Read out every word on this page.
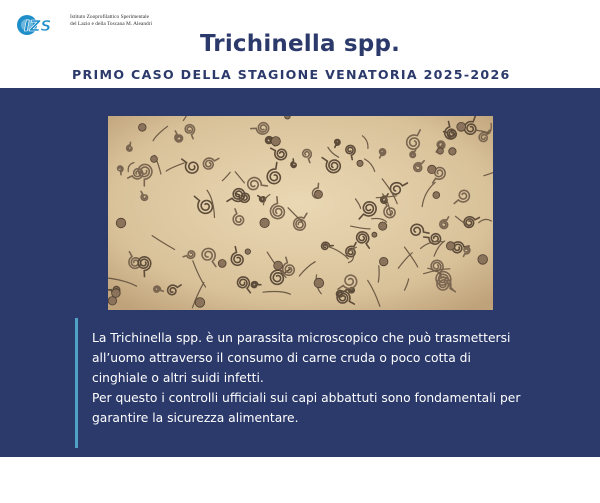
IZS	Istituto Zooprofilattico Sperimentale
del Lazio e della Toscana M. Aleandri
Trichinella spp.
PRIMO CASO DELLA STAGIONE VENATORIA 2025-2026
La Trichinella spp. è un parassita microscopico che può trasmettersi
all’uomo attraverso il consumo di carne cruda o poco cotta di
cinghiale o altri suidi infetti.
Per questo i controlli ufficiali sui capi abbattuti sono fondamentali per
garantire la sicurezza alimentare.
